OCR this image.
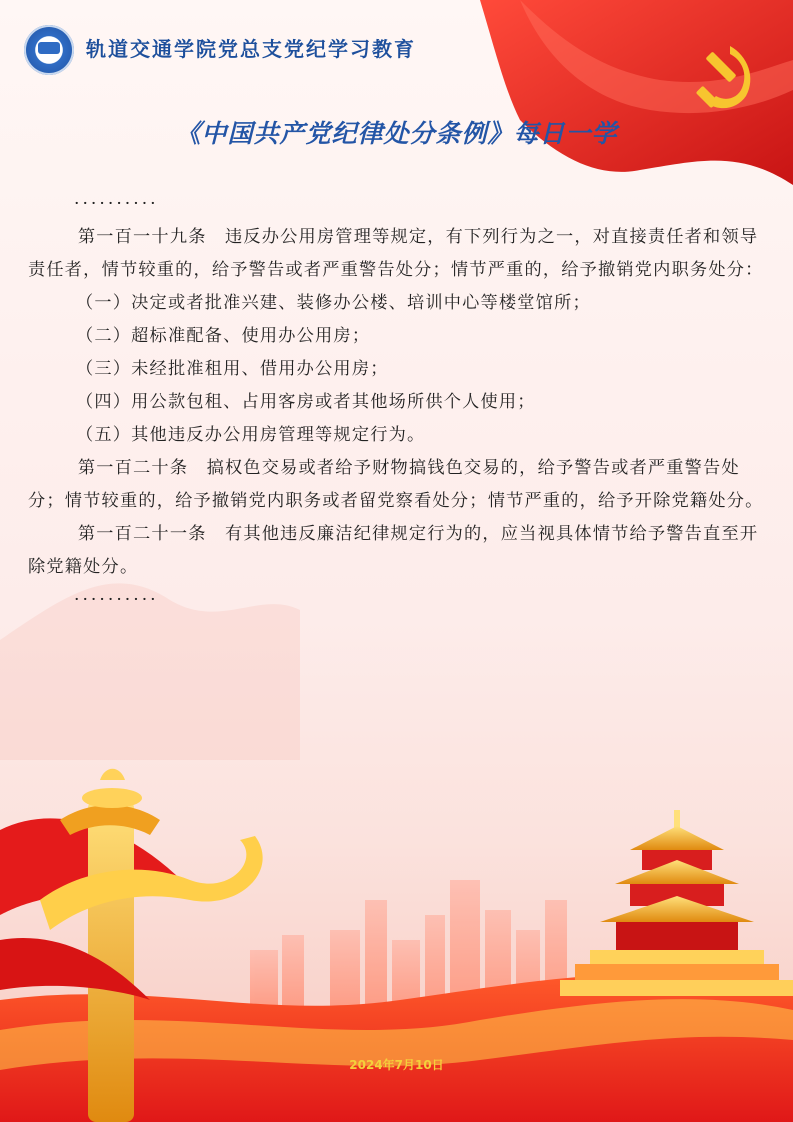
轨道交通学院党总支党纪学习教育
《中国共产党纪律处分条例》每日一学

··········

第一百一十九条　违反办公用房管理等规定，有下列行为之一，对直接责任者和领导责任者，情节较重的，给予警告或者严重警告处分；情节严重的，给予撤销党内职务处分：

（一）决定或者批准兴建、装修办公楼、培训中心等楼堂馆所；

（二）超标准配备、使用办公用房；

（三）未经批准租用、借用办公用房；

（四）用公款包租、占用客房或者其他场所供个人使用；

（五）其他违反办公用房管理等规定行为。

第一百二十条　搞权色交易或者给予财物搞钱色交易的，给予警告或者严重警告处分；情节较重的，给予撤销党内职务或者留党察看处分；情节严重的，给予开除党籍处分。

第一百二十一条　有其他违反廉洁纪律规定行为的，应当视具体情节给予警告直至开除党籍处分。

··········

2024年7月10日
